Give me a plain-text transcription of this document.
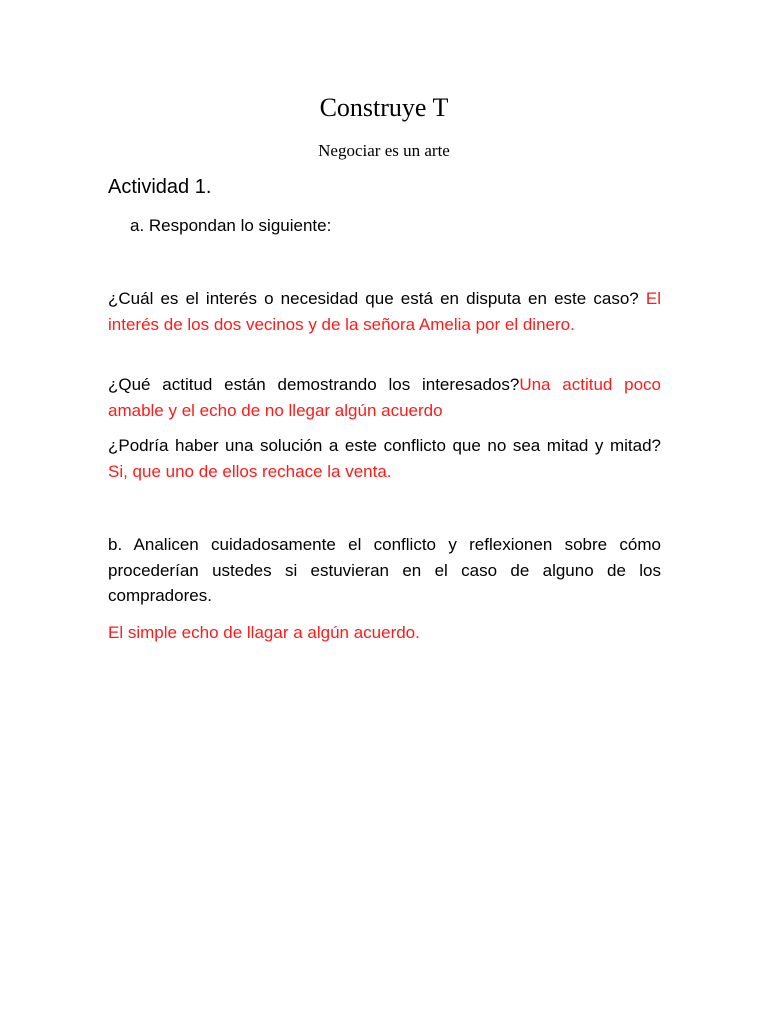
Construye T
Negociar es un arte
Actividad 1.
a. Respondan lo siguiente:
¿Cuál es el interés o necesidad que está en disputa en este caso? El interés de los dos vecinos y de la señora Amelia por el dinero.
¿Qué actitud están demostrando los interesados?Una actitud poco amable y el echo de no llegar algún acuerdo
¿Podría haber una solución a este conflicto que no sea mitad y mitad? Si, que uno de ellos rechace la venta.
b. Analicen cuidadosamente el conflicto y reflexionen sobre cómo procederían ustedes si estuvieran en el caso de alguno de los compradores.
El simple echo de llagar a algún acuerdo.
